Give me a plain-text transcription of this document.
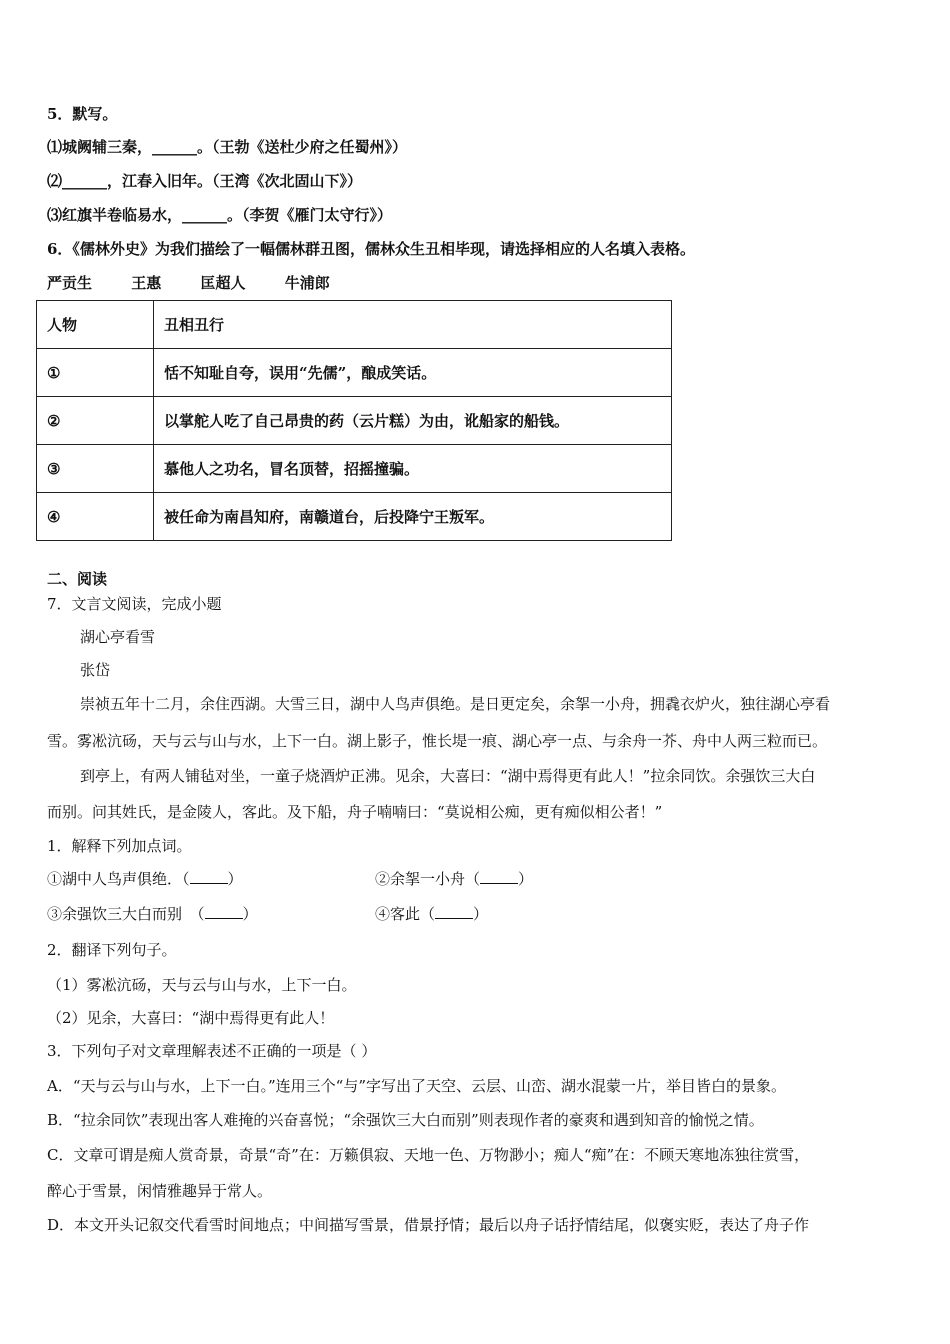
5．默写。
⑴城阙辅三秦，______。（王勃《送杜少府之任蜀州》）
⑵______，江春入旧年。（王湾《次北固山下》）
⑶红旗半卷临易水，______。（李贺《雁门太守行》）
6．《儒林外史》为我们描绘了一幅儒林群丑图，儒林众生丑相毕现，请选择相应的人名填入表格。
严贡生	王惠	匡超人	牛浦郎
人物	丑相丑行
①	恬不知耻自夸，误用“先儒”，酿成笑话。
②	以掌舵人吃了自己昂贵的药（云片糕）为由，讹船家的船钱。
③	慕他人之功名，冒名顶替，招摇撞骗。
④	被任命为南昌知府，南赣道台，后投降宁王叛军。
二、阅读
7．文言文阅读，完成小题
湖心亭看雪
张岱
崇祯五年十二月，余住西湖。大雪三日，湖中人鸟声俱绝。是日更定矣，余挐一小舟，拥毳衣炉火，独往湖心亭看
雪。雾凇沆砀，天与云与山与水，上下一白。湖上影子，惟长堤一痕、湖心亭一点、与余舟一芥、舟中人两三粒而已。
到亭上，有两人铺毡对坐，一童子烧酒炉正沸。见余，大喜曰：“湖中焉得更有此人！”拉余同饮。余强饮三大白
而别。问其姓氏，是金陵人，客此。及下船，舟子喃喃曰：“莫说相公痴，更有痴似相公者！”
1．解释下列加点词。
①湖中人鸟声俱绝．（	）	②余挐一小舟（	）
③余强饮三大白而别　（	）	④客此（	）
2．翻译下列句子。
（1）雾凇沆砀，天与云与山与水，上下一白。
（2）见余，大喜曰：“湖中焉得更有此人！
3．下列句子对文章理解表述不正确的一项是（ ）
A．“天与云与山与水，上下一白。”连用三个“与”字写出了天空、云层、山峦、湖水混蒙一片，举目皆白的景象。
B．“拉余同饮”表现出客人难掩的兴奋喜悦；“余强饮三大白而别”则表现作者的豪爽和遇到知音的愉悦之情。
C．文章可谓是痴人赏奇景，奇景“奇”在：万籁俱寂、天地一色、万物渺小；痴人“痴”在：不顾天寒地冻独往赏雪，
醉心于雪景，闲情雅趣异于常人。
D．本文开头记叙交代看雪时间地点；中间描写雪景，借景抒情；最后以舟子话抒情结尾，似褒实贬，表达了舟子作
